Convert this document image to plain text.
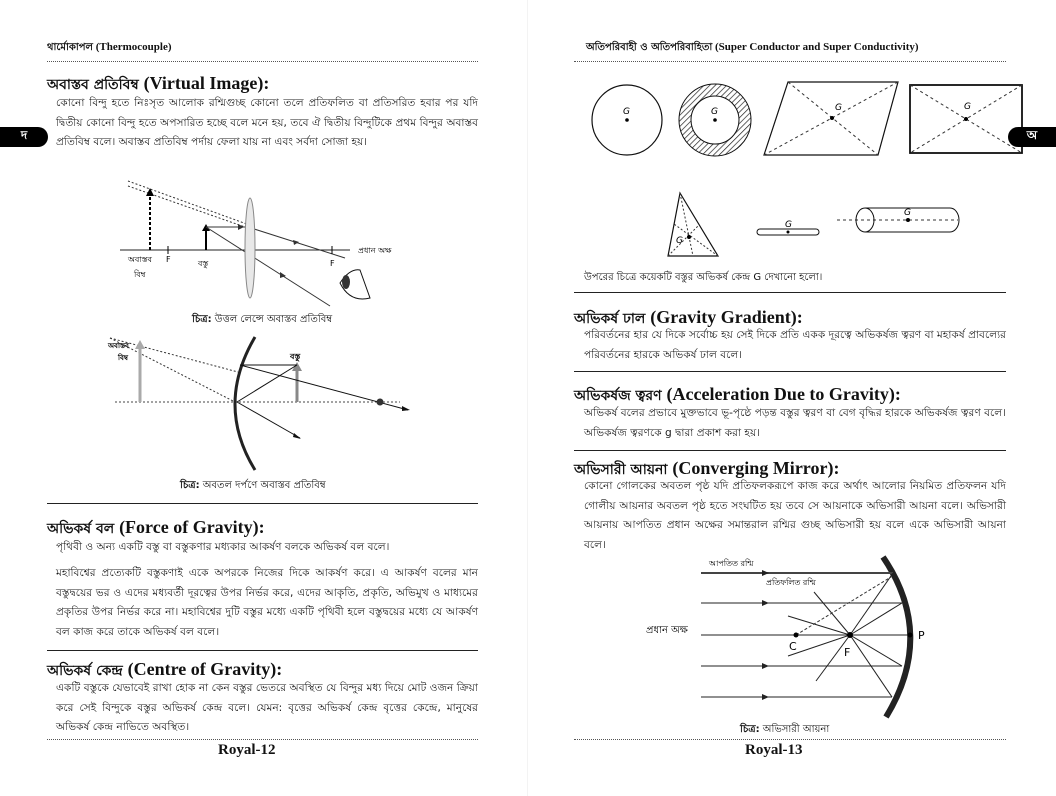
থার্মোকাপল (Thermocouple)
দ
অবাস্তব প্রতিবিম্ব (Virtual Image):

কোনো বিন্দু হতে নিঃসৃত আলোক রশ্মিগুচ্ছ কোনো তলে প্রতিফলিত বা প্রতিসরিত হবার পর যদি দ্বিতীয় কোনো বিন্দু হতে অপসারিত হচ্ছে বলে মনে হয়, তবে ঐ দ্বিতীয় বিন্দুটিকে প্রথম বিন্দুর অবাস্তব প্রতিবিম্ব বলে। অবাস্তব প্রতিবিম্ব পর্দায় ফেলা যায় না এবং সর্বদা সোজা হয়।

অবাস্তব
বিম্ব
F	বস্তু	F
প্রধান অক্ষ
চিত্র: উত্তল লেন্সে অবাস্তব প্রতিবিম্ব
অবাস্তব
বিম্ব	বস্তু
চিত্র: অবতল দর্পণে অবাস্তব প্রতিবিম্ব
অভিকর্ষ বল (Force of Gravity):

পৃথিবী ও অন্য একটি বস্তু বা বস্তুকণার মধ্যকার আকর্ষণ বলকে অভিকর্ষ বল বলে।

মহাবিশ্বের প্রত্যেকটি বস্তুকণাই একে অপরকে নিজের দিকে আকর্ষণ করে। এ আকর্ষণ বলের মান বস্তুদ্বয়ের ভর ও এদের মধ্যবর্তী দূরত্বের উপর নির্ভর করে, এদের আকৃতি, প্রকৃতি, অভিমুখ ও মাধ্যমের প্রকৃতির উপর নির্ভর করে না। মহাবিশ্বের দুটি বস্তুর মধ্যে একটি পৃথিবী হলে বস্তুদ্বয়ের মধ্যে যে আকর্ষণ বল কাজ করে তাকে অভিকর্ষ বল বলে।

অভিকর্ষ কেন্দ্র (Centre of Gravity):

একটি বস্তুকে যেভাবেই রাখা হোক না কেন বস্তুর ভেতরে অবস্থিত যে বিন্দুর মধ্য দিয়ে মোট ওজন ক্রিয়া করে সেই বিন্দুকে বস্তুর অভিকর্ষ কেন্দ্র বলে। যেমন: বৃত্তের অভিকর্ষ কেন্দ্র বৃত্তের কেন্দ্রে, মানুষের অভিকর্ষ কেন্দ্র নাভিতে অবস্থিত।

Royal-12
অতিপরিবাহী ও অতিপরিবাহিতা (Super Conductor and Super Conductivity)
G	G	G	G
G
G
G
উপরের চিত্রে কয়েকটি বস্তুর অভিকর্ষ কেন্দ্র G দেখানো হলো।
অভিকর্ষ ঢাল (Gravity Gradient):

পরিবর্তনের হার যে দিকে সর্বোচ্চ হয় সেই দিকে প্রতি একক দূরত্বে অভিকর্ষজ ত্বরণ বা মহাকর্ষ প্রাবল্যের পরিবর্তনের হারকে অভিকর্ষ ঢাল বলে।

অভিকর্ষজ ত্বরণ (Acceleration Due to Gravity):

অভিকর্ষ বলের প্রভাবে মুক্তভাবে ভূ-পৃষ্ঠে পড়ন্ত বস্তুর ত্বরণ বা বেগ বৃদ্ধির হারকে অভিকর্ষজ ত্বরণ বলে। অভিকর্ষজ ত্বরণকে g দ্বারা প্রকাশ করা হয়।

অভিসারী আয়না (Converging Mirror):

কোনো গোলকের অবতল পৃষ্ঠ যদি প্রতিফলকরূপে কাজ করে অর্থাৎ আলোর নিয়মিত প্রতিফলন যদি গোলীয় আয়নার অবতল পৃষ্ঠ হতে সংঘটিত হয় তবে সে আয়নাকে অভিসারী আয়না বলে। অভিসারী আয়নায় আপতিত প্রধান অক্ষের সমান্তরাল রশ্মির গুচ্ছ অভিসারী হয় বলে একে অভিসারী আয়না বলে।

আপতিত রশ্মি
প্রতিফলিত রশ্মি
প্রধান অক্ষ
C	F
P
চিত্র: অভিসারী আয়না
Royal-13
অ
